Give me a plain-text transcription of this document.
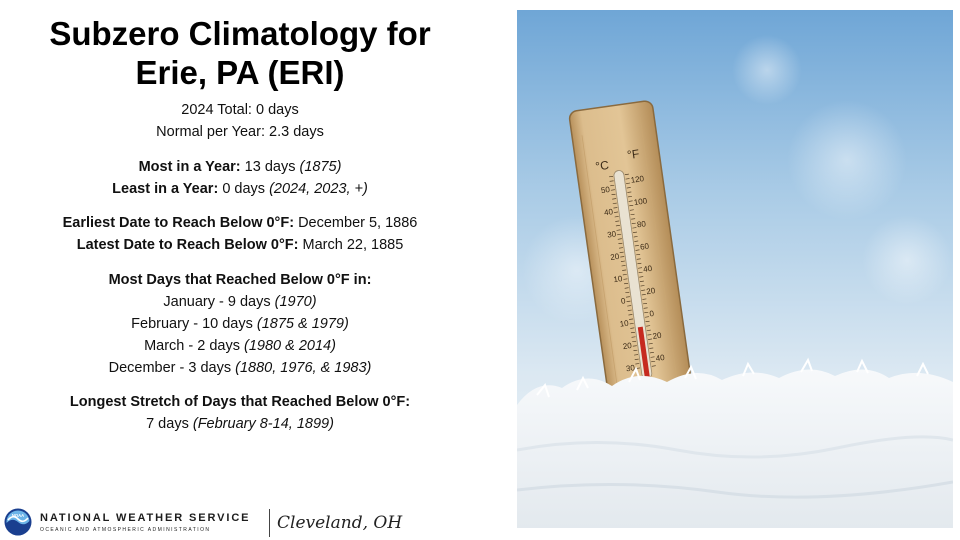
Subzero Climatology for
Erie, PA (ERI)
2024 Total: 0 days
Normal per Year: 2.3 days
Most in a Year: 13 days (1875)
Least in a Year: 0 days (2024, 2023, +)
Earliest Date to Reach Below 0°F: December 5, 1886
Latest Date to Reach Below 0°F: March 22, 1885
Most Days that Reached Below 0°F in:
January - 9 days (1970)
February - 10 days (1875 & 1979)
March - 2 days (1980 & 2014)
December - 3 days (1880, 1976, & 1983)
Longest Stretch of Days that Reached Below 0°F:
7 days (February 8-14, 1899)
NOAA NATIONAL WEATHER SERVICE
OCEANIC AND ATMOSPHERIC ADMINISTRATION	Cleveland, OH
°C
°F
50
40
30
20
10
0
10
20
30
120
100
80
60
40
20
0
20
40
